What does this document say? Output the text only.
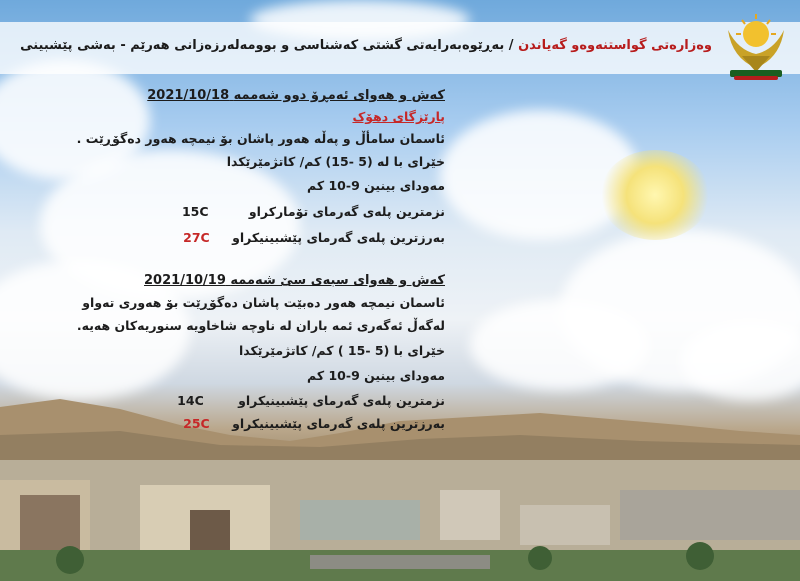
وەزارەتی گواستنەوەو گەیاندن / بەڕێوەبەرایەتی گشتی کەشناسی و بوومەلەرزەزانی هەرێم - بەشی پێشبینی
کەش و هەوای ئەمڕۆ دوو شەممە 2021/10/18
پارێزگای دهۆک
ئاسمان سامأڵ و پەڵە هەور پاشان بۆ نیمچە هەور دەگۆڕێت .
خێرای با لە (5 -15) کم/ کاتژمێرێکدا
مەودای بینین 9-10 کم
نزمترین پلەی گەرمای تۆمارکراو 15C
بەرزترین پلەی گەرمای پێشبینیکراو 27C
کەش و هەوای سبەی سێ شەممە 2021/10/19
ئاسمان نیمچە هەور دەبێت پاشان دەگۆڕێت بۆ هەوری تەواو
لەگەڵ ئەگەری ئمە باران لە ناوچە شاخاویە سنوریەکان هەیە.
خێرای با (5 -15 ) کم/ کاتژمێرێکدا
مەودای بینین 9-10 کم
نزمترین پلەی گەرمای پێشبینیکراو 14C
بەرزترین پلەی گەرمای پێشبینیکراو 25C
